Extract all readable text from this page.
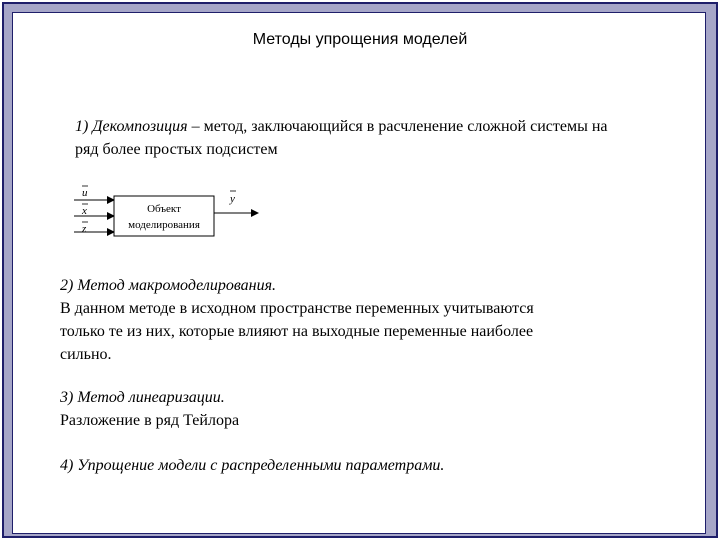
Методы упрощения моделей
1) Декомпозиция – метод, заключающийся в расчленение сложной системы на
ряд более простых подсистем
u
x
z
y
Объект
моделирования
2) Метод макромоделирования.
В данном методе в исходном пространстве переменных учитываются
только те из них, которые влияют на выходные переменные наиболее
сильно.
3) Метод линеаризации.
Разложение в ряд Тейлора
4) Упрощение модели с распределенными параметрами.
